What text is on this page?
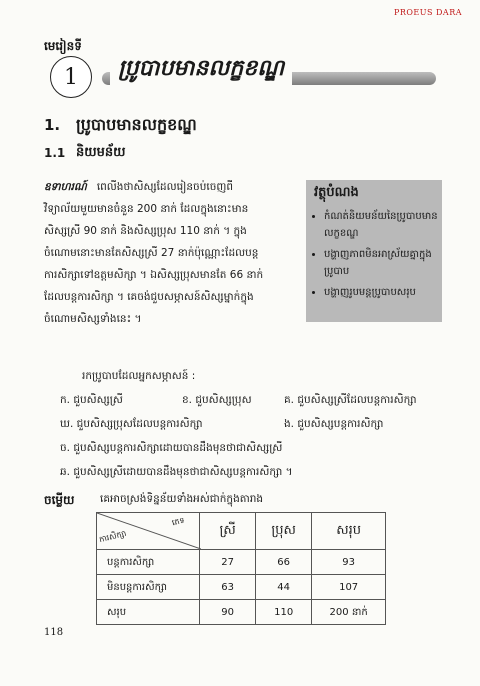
PROEUS DARA
មេរៀនទី
1	ប្រូបាបមានលក្ខខណ្ឌ
1. ប្រូបាបមានលក្ខខណ្ឌ
1.1 និយមន័យ
ឧទាហរណ៍ ពេលីងថាសិស្សដែលរៀនចប់ចេញពី
វិទ្យាល័យមួយមានចំនួន 200 នាក់ ដែលក្នុងនោះមាន
សិស្សស្រី 90 នាក់ និងសិស្សប្រុស 110 នាក់ ។ ក្នុង
ចំណោមនោះមានតែសិស្សស្រី 27 នាក់ប៉ុណ្ណោះដែលបន្ត
ការសិក្សាទៅឧត្តមសិក្សា ។ ឯសិស្សប្រុសមានតែ 66 នាក់
ដែលបន្តការសិក្សា ។ គេចង់ជួបសម្ភាសន៍សិស្សម្នាក់ក្នុង
ចំណោមសិស្សទាំងនេះ ។
វត្ថុបំណង
• កំណត់និយមន័យនៃប្រូបាបមានលក្ខខណ្ឌ
• បង្ហាញភាពមិនអាស្រ័យគ្នាក្នុងប្រូបាប
• បង្ហាញរូបមន្តប្រូបាបសរុប
រកប្រូបាបដែលអ្នកសម្ភាសន៍ :
ក. ជួបសិស្សស្រី	ខ. ជួបសិស្សប្រុស	គ. ជួបសិស្សស្រីដែលបន្តការសិក្សា
ឃ. ជួបសិស្សប្រុសដែលបន្តការសិក្សា	ង. ជួបសិស្សបន្តការសិក្សា
ច. ជួបសិស្សបន្តការសិក្សាដោយបានដឹងមុនថាជាសិស្សស្រី
ឆ. ជួបសិស្សស្រីដោយបានដឹងមុនថាជាសិស្សបន្តការសិក្សា ។
ចម្លើយ គេអាចស្រង់ទិន្នន័យទាំងអស់ជាក់ក្នុងតារាង
ភេទ
ការសិក្សា	ស្រី	ប្រុស	សរុប
បន្តការសិក្សា	27	66	93
មិនបន្តការសិក្សា	63	44	107
សរុប	90	110	200 នាក់
118
